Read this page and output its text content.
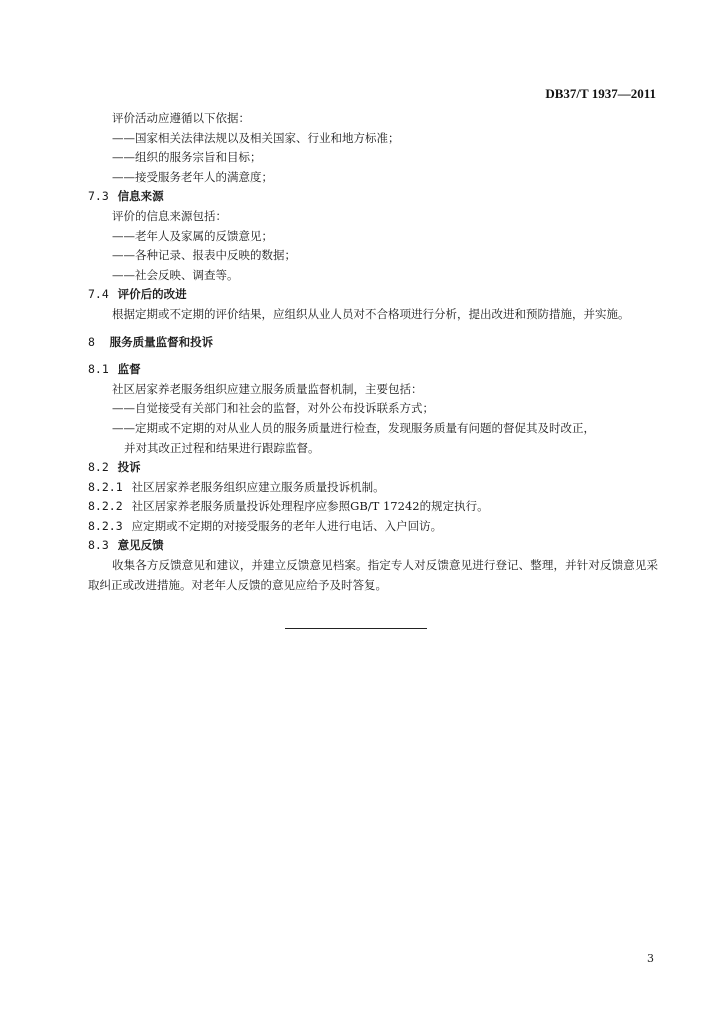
DB37/T 1937—2011
评价活动应遵循以下依据：
——国家相关法律法规以及相关国家、行业和地方标准；
——组织的服务宗旨和目标；
——接受服务老年人的满意度；
7.3 信息来源
评价的信息来源包括：
——老年人及家属的反馈意见；
——各种记录、报表中反映的数据；
——社会反映、调查等。
7.4 评价后的改进
根据定期或不定期的评价结果，应组织从业人员对不合格项进行分析，提出改进和预防措施，并实施。
8 服务质量监督和投诉
8.1 监督
社区居家养老服务组织应建立服务质量监督机制，主要包括：
——自觉接受有关部门和社会的监督，对外公布投诉联系方式；
——定期或不定期的对从业人员的服务质量进行检查，发现服务质量有问题的督促其及时改正，
并对其改正过程和结果进行跟踪监督。
8.2 投诉
8.2.1 社区居家养老服务组织应建立服务质量投诉机制。
8.2.2 社区居家养老服务质量投诉处理程序应参照GB/T 17242的规定执行。
8.2.3 应定期或不定期的对接受服务的老年人进行电话、入户回访。
8.3 意见反馈
收集各方反馈意见和建议，并建立反馈意见档案。指定专人对反馈意见进行登记、整理，并针对反馈意见采取纠正或改进措施。对老年人反馈的意见应给予及时答复。
3
